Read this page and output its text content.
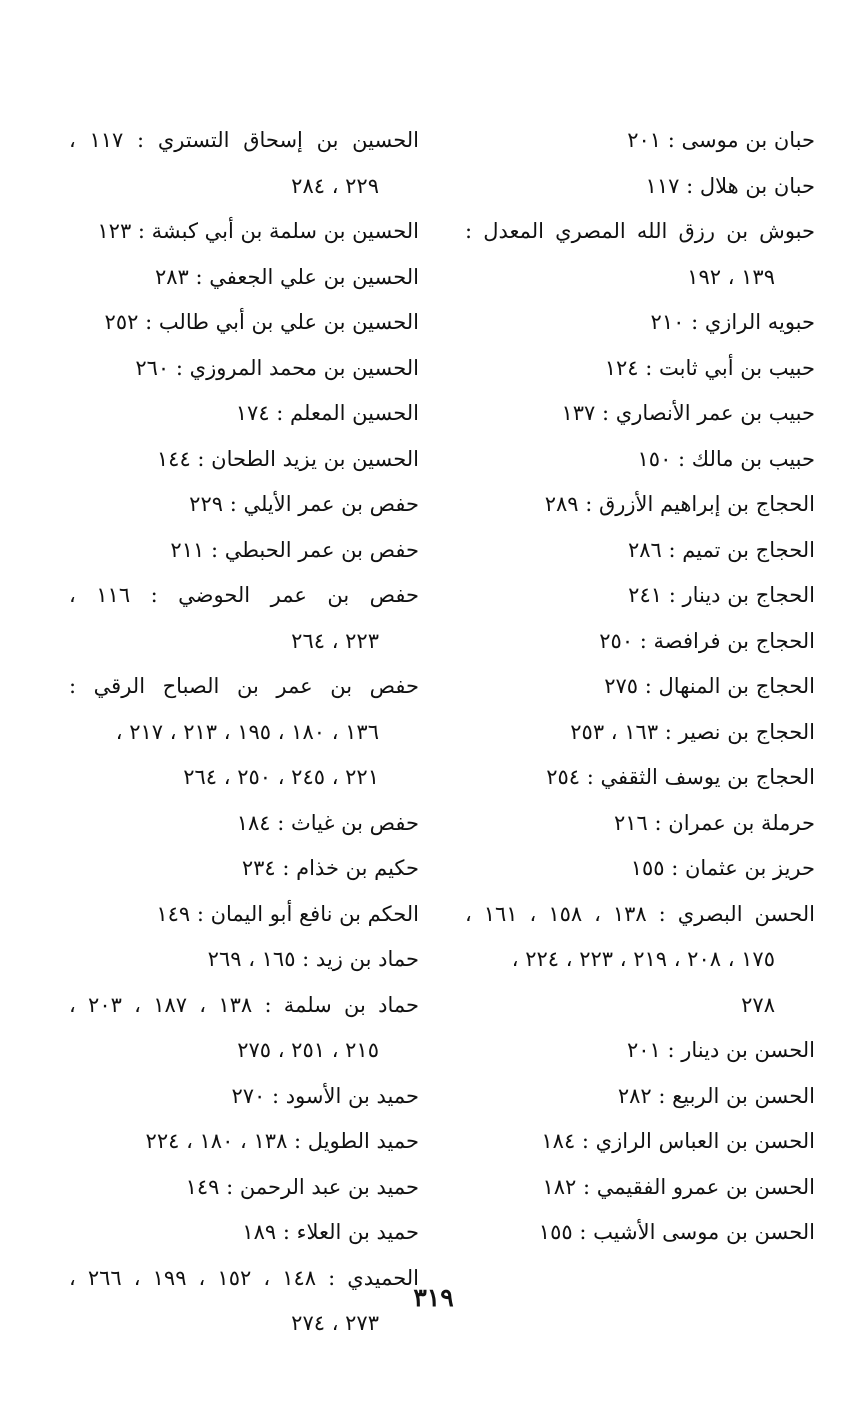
حبان بن موسى : ٢٠١
حبان بن هلال : ١١٧
حبوش بن رزق الله المصري المعدل :
١٣٩ ، ١٩٢
حبويه الرازي : ٢١٠
حبيب بن أبي ثابت : ١٢٤
حبيب بن عمر الأنصاري : ١٣٧
حبيب بن مالك : ١٥٠
الحجاج بن إبراهيم الأزرق : ٢٨٩
الحجاج بن تميم : ٢٨٦
الحجاج بن دينار : ٢٤١
الحجاج بن فرافصة : ٢٥٠
الحجاج بن المنهال : ٢٧٥
الحجاج بن نصير : ١٦٣ ، ٢٥٣
الحجاج بن يوسف الثقفي : ٢٥٤
حرملة بن عمران : ٢١٦
حريز بن عثمان : ١٥٥
الحسن البصري : ١٣٨ ، ١٥٨ ، ١٦١ ،
١٧٥ ، ٢٠٨ ، ٢١٩ ، ٢٢٣ ، ٢٢٤ ،
٢٧٨
الحسن بن دينار : ٢٠١
الحسن بن الربيع : ٢٨٢
الحسن بن العباس الرازي : ١٨٤
الحسن بن عمرو الفقيمي : ١٨٢
الحسن بن موسى الأشيب : ١٥٥
الحسين بن إسحاق التستري : ١١٧ ،
٢٢٩ ، ٢٨٤
الحسين بن سلمة بن أبي كبشة : ١٢٣
الحسين بن علي الجعفي : ٢٨٣
الحسين بن علي بن أبي طالب : ٢٥٢
الحسين بن محمد المروزي : ٢٦٠
الحسين المعلم : ١٧٤
الحسين بن يزيد الطحان : ١٤٤
حفص بن عمر الأيلي : ٢٢٩
حفص بن عمر الحبطي : ٢١١
حفص بن عمر الحوضي : ١١٦ ،
٢٢٣ ، ٢٦٤
حفص بن عمر بن الصباح الرقي :
١٣٦ ، ١٨٠ ، ١٩٥ ، ٢١٣ ، ٢١٧ ،
٢٢١ ، ٢٤٥ ، ٢٥٠ ، ٢٦٤
حفص بن غياث : ١٨٤
حكيم بن خذام : ٢٣٤
الحكم بن نافع أبو اليمان : ١٤٩
حماد بن زيد : ١٦٥ ، ٢٦٩
حماد بن سلمة : ١٣٨ ، ١٨٧ ، ٢٠٣ ،
٢١٥ ، ٢٥١ ، ٢٧٥
حميد بن الأسود : ٢٧٠
حميد الطويل : ١٣٨ ، ١٨٠ ، ٢٢٤
حميد بن عبد الرحمن : ١٤٩
حميد بن العلاء : ١٨٩
الحميدي : ١٤٨ ، ١٥٢ ، ١٩٩ ، ٢٦٦ ،
٢٧٣ ، ٢٧٤
٣١٩
